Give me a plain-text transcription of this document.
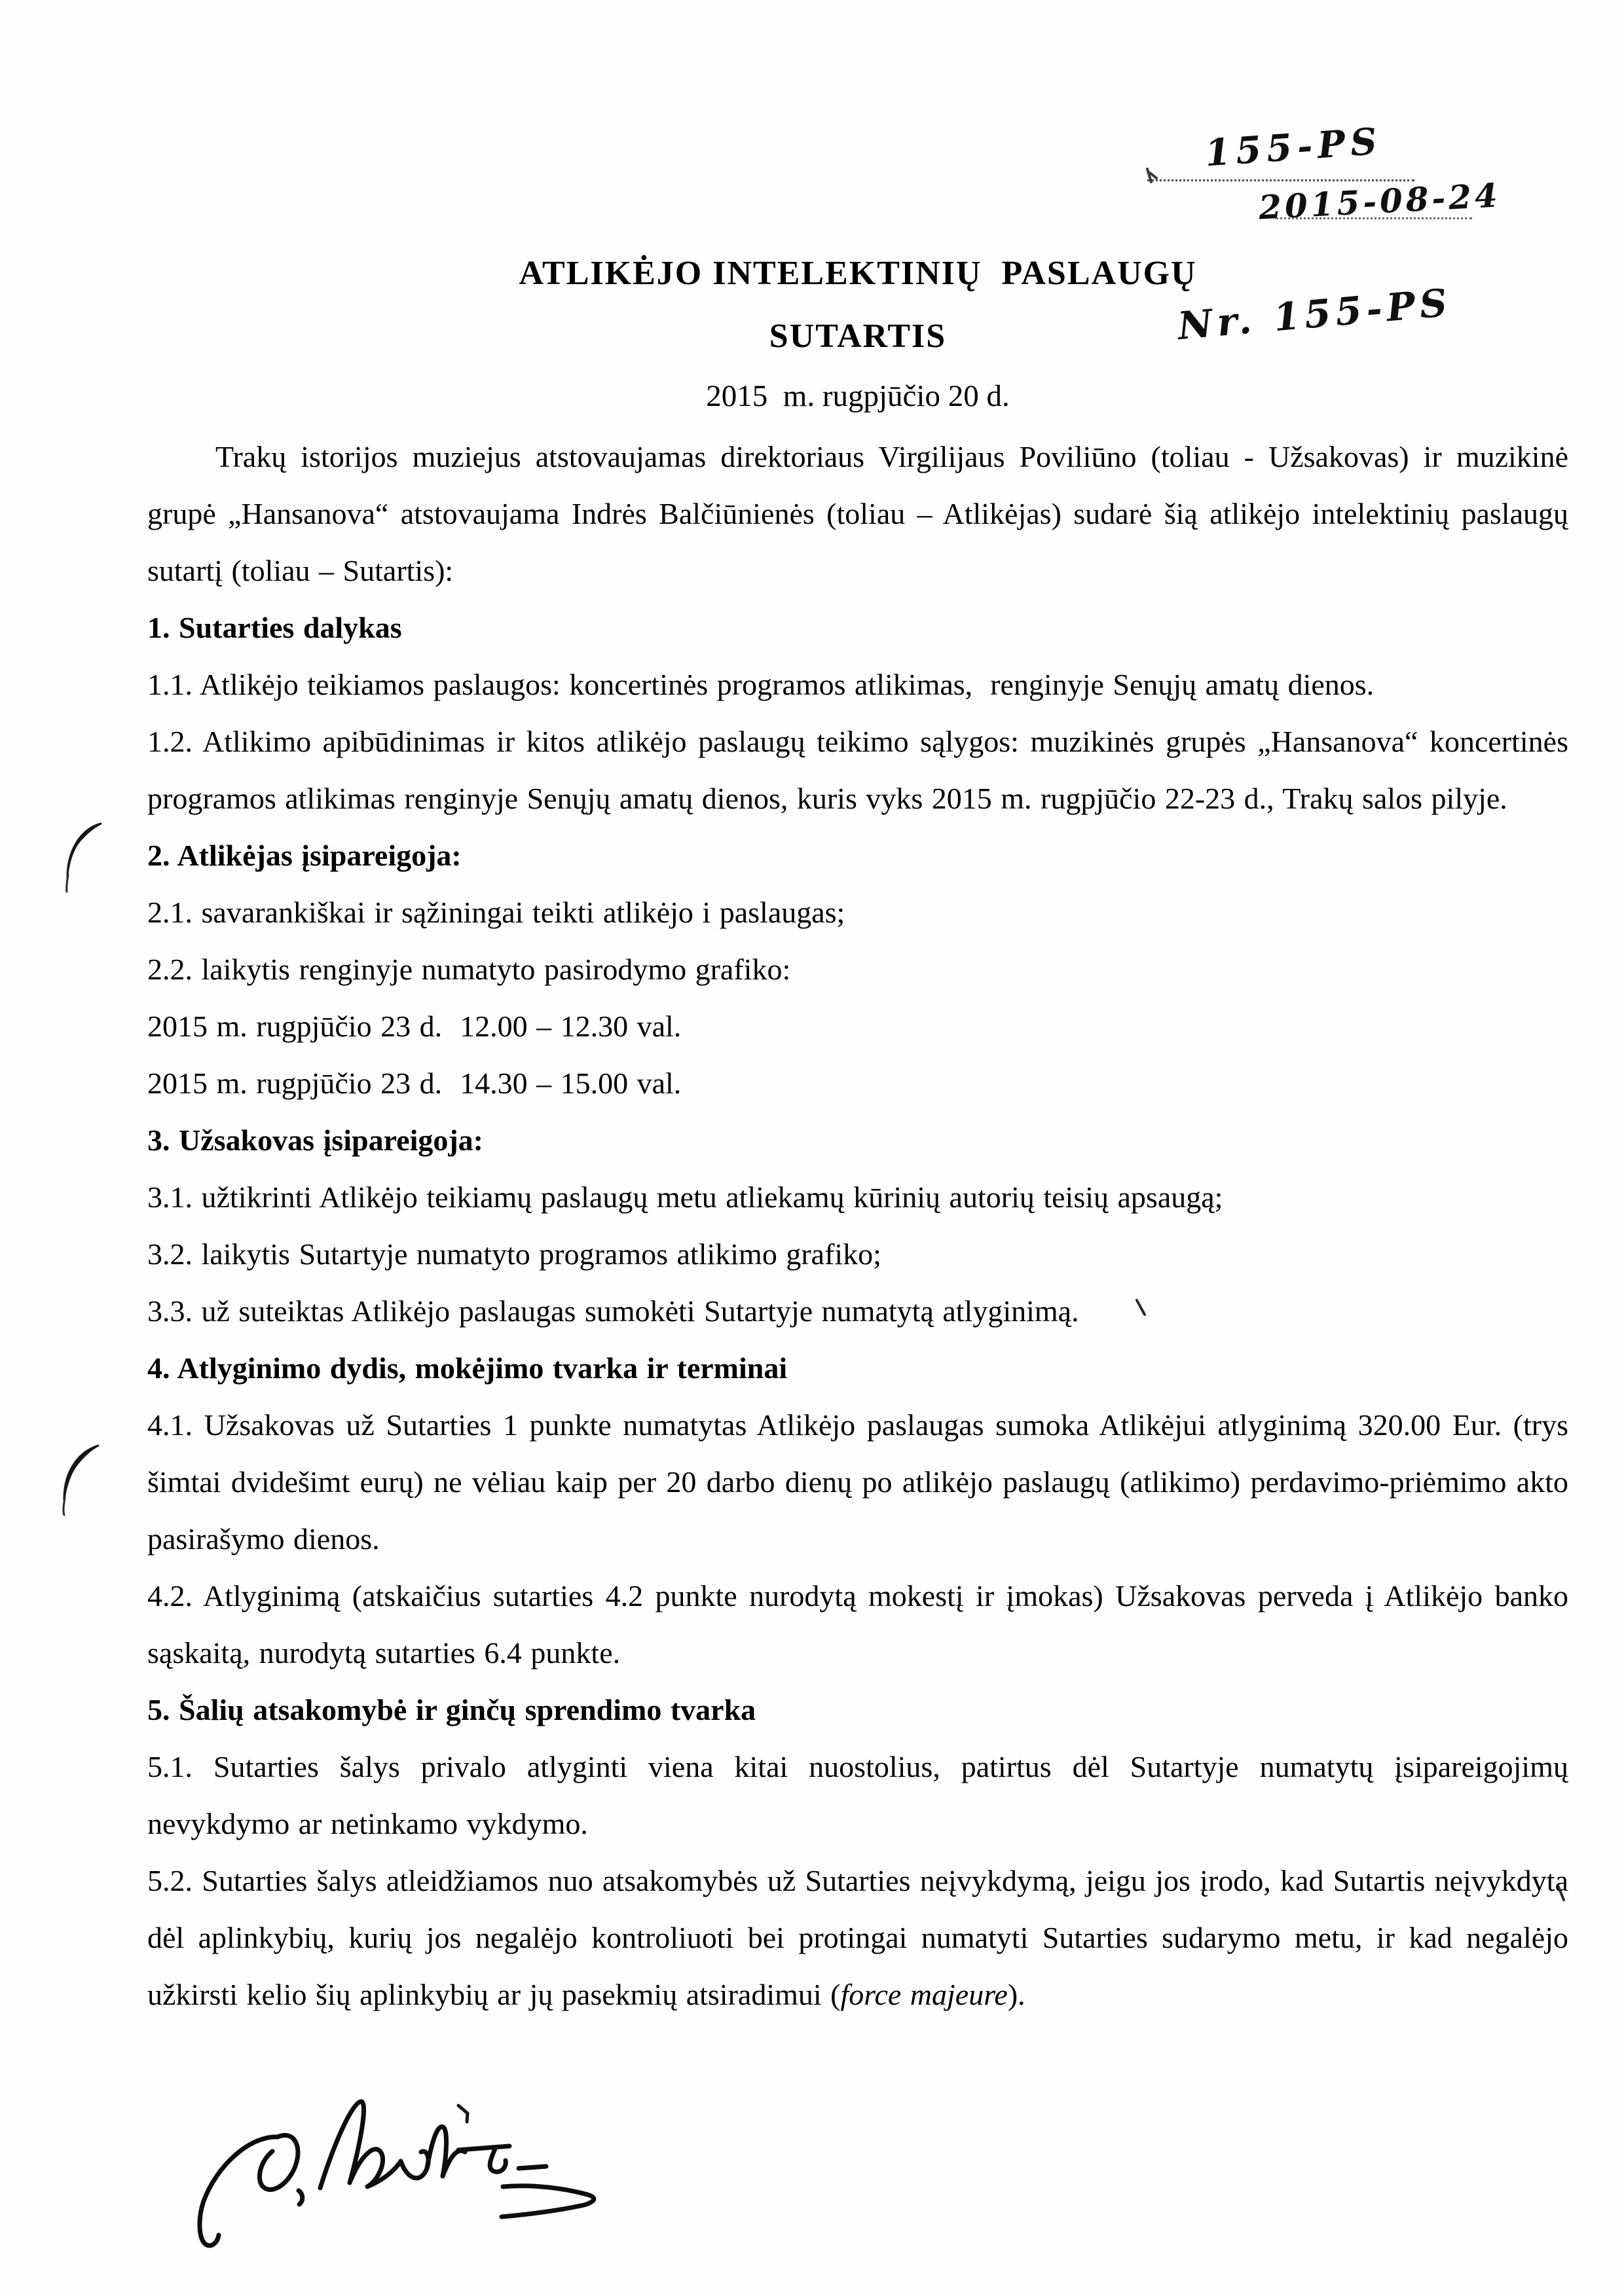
155-PS
2015-08-24
ATLIKĖJO INTELEKTINIŲ  PASLAUGŲ
Nr. 155-PS
SUTARTIS
2015  m. rugpjūčio 20 d.

Trakų istorijos muziejus atstovaujamas direktoriaus Virgilijaus Poviliūno (toliau - Užsakovas) ir muzikinė grupė „Hansanova“ atstovaujama Indrės Balčiūnienės (toliau – Atlikėjas) sudarė šią atlikėjo intelektinių paslaugų sutartį (toliau – Sutartis):

1. Sutarties dalykas

1.1. Atlikėjo teikiamos paslaugos: koncertinės programos atlikimas,  renginyje Senųjų amatų dienos.

1.2. Atlikimo apibūdinimas ir kitos atlikėjo paslaugų teikimo sąlygos: muzikinės grupės „Hansanova“ koncertinės programos atlikimas renginyje Senųjų amatų dienos, kuris vyks 2015 m. rugpjūčio 22-23 d., Trakų salos pilyje.

2. Atlikėjas įsipareigoja:

2.1. savarankiškai ir sąžiningai teikti atlikėjo i paslaugas;

2.2. laikytis renginyje numatyto pasirodymo grafiko:

2015 m. rugpjūčio 23 d.  12.00 – 12.30 val.

2015 m. rugpjūčio 23 d.  14.30 – 15.00 val.

3. Užsakovas įsipareigoja:

3.1. užtikrinti Atlikėjo teikiamų paslaugų metu atliekamų kūrinių autorių teisių apsaugą;

3.2. laikytis Sutartyje numatyto programos atlikimo grafiko;

3.3. už suteiktas Atlikėjo paslaugas sumokėti Sutartyje numatytą atlyginimą.

4. Atlyginimo dydis, mokėjimo tvarka ir terminai

4.1. Užsakovas už Sutarties 1 punkte numatytas Atlikėjo paslaugas sumoka Atlikėjui atlyginimą 320.00 Eur. (trys šimtai dvidešimt eurų) ne vėliau kaip per 20 darbo dienų po atlikėjo paslaugų (atlikimo) perdavimo-priėmimo akto pasirašymo dienos.

4.2. Atlyginimą (atskaičius sutarties 4.2 punkte nurodytą mokestį ir įmokas) Užsakovas perveda į Atlikėjo banko sąskaitą, nurodytą sutarties 6.4 punkte.

5. Šalių atsakomybė ir ginčų sprendimo tvarka

5.1. Sutarties šalys privalo atlyginti viena kitai nuostolius, patirtus dėl Sutartyje numatytų įsipareigojimų nevykdymo ar netinkamo vykdymo.

5.2. Sutarties šalys atleidžiamos nuo atsakomybės už Sutarties neįvykdymą, jeigu jos įrodo, kad Sutartis neįvykdyta dėl aplinkybių, kurių jos negalėjo kontroliuoti bei protingai numatyti Sutarties sudarymo metu, ir kad negalėjo užkirsti kelio šių aplinkybių ar jų pasekmių atsiradimui (force majeure).
